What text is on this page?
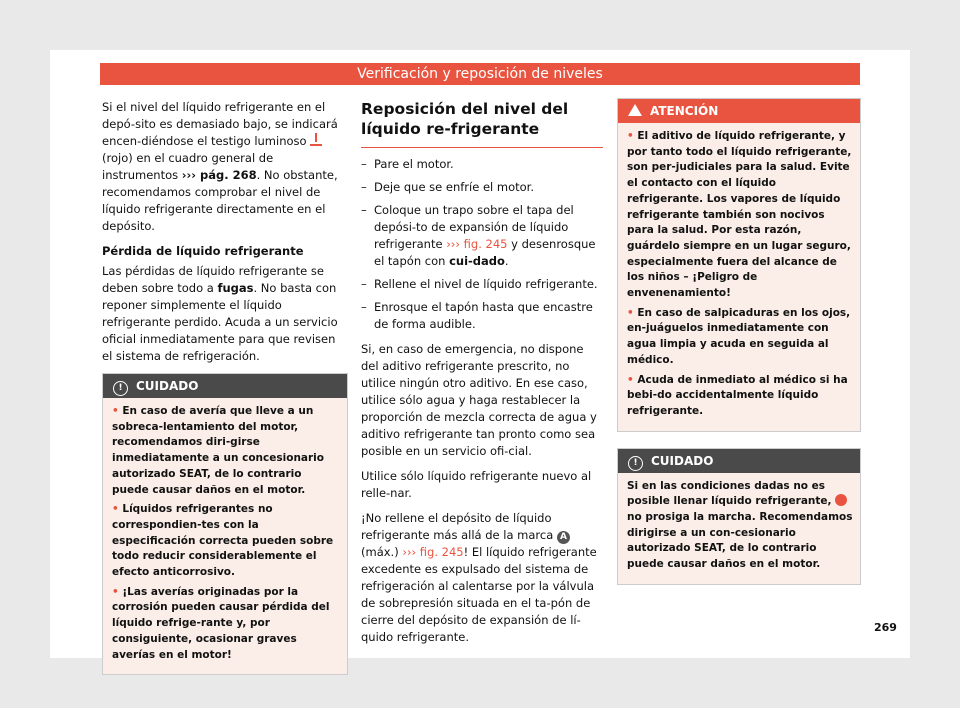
Verificación y reposición de niveles

Si el nivel del líquido refrigerante en el depó-sito es demasiado bajo, se indicará encen-diéndose el testigo luminoso  (rojo) en el cuadro general de instrumentos ››› pág. 268. No obstante, recomendamos comprobar el nivel de líquido refrigerante directamente en el depósito.

Pérdida de líquido refrigerante

Las pérdidas de líquido refrigerante se deben sobre todo a fugas. No basta con reponer simplemente el líquido refrigerante perdido. Acuda a un servicio oficial inmediatamente para que revisen el sistema de refrigeración.

! CUIDADO

• En caso de avería que lleve a un sobreca-lentamiento del motor, recomendamos diri-girse inmediatamente a un concesionario autorizado SEAT, de lo contrario puede causar daños en el motor.

• Líquidos refrigerantes no correspondien-tes con la especificación correcta pueden sobre todo reducir considerablemente el efecto anticorrosivo.

• ¡Las averías originadas por la corrosión pueden causar pérdida del líquido refrige-rante y, por consiguiente, ocasionar graves averías en el motor!

Reposición del nivel del líquido re-frigerante
– Pare el motor.
– Deje que se enfríe el motor.
– Coloque un trapo sobre el tapa del depósi-to de expansión de líquido refrigerante ››› fig. 245 y desenrosque el tapón con cui-dado.
– Rellene el nivel de líquido refrigerante.
– Enrosque el tapón hasta que encastre de forma audible.

Si, en caso de emergencia, no dispone del aditivo refrigerante prescrito, no utilice ningún otro aditivo. En ese caso, utilice sólo agua y haga restablecer la proporción de mezcla correcta de agua y aditivo refrigerante tan pronto como sea posible en un servicio ofi-cial.

Utilice sólo líquido refrigerante nuevo al relle-nar.

¡No rellene el depósito de líquido refrigerante más allá de la marca A (máx.) ››› fig. 245! El líquido refrigerante excedente es expulsado del sistema de refrigeración al calentarse por la válvula de sobrepresión situada en el ta-pón de cierre del depósito de expansión de lí-quido refrigerante.

ATENCIÓN

• El aditivo de líquido refrigerante, y por tanto todo el líquido refrigerante, son per-judiciales para la salud. Evite el contacto con el líquido refrigerante. Los vapores de líquido refrigerante también son nocivos para la salud. Por esta razón, guárdelo siempre en un lugar seguro, especialmente fuera del alcance de los niños – ¡Peligro de envenenamiento!

• En caso de salpicaduras en los ojos, en-juáguelos inmediatamente con agua limpia y acuda en seguida al médico.

• Acuda de inmediato al médico si ha bebi-do accidentalmente líquido refrigerante.

! CUIDADO

Si en las condiciones dadas no es posible llenar líquido refrigerante,  no prosiga la marcha. Recomendamos dirigirse a un con-cesionario autorizado SEAT, de lo contrario puede causar daños en el motor.

269
